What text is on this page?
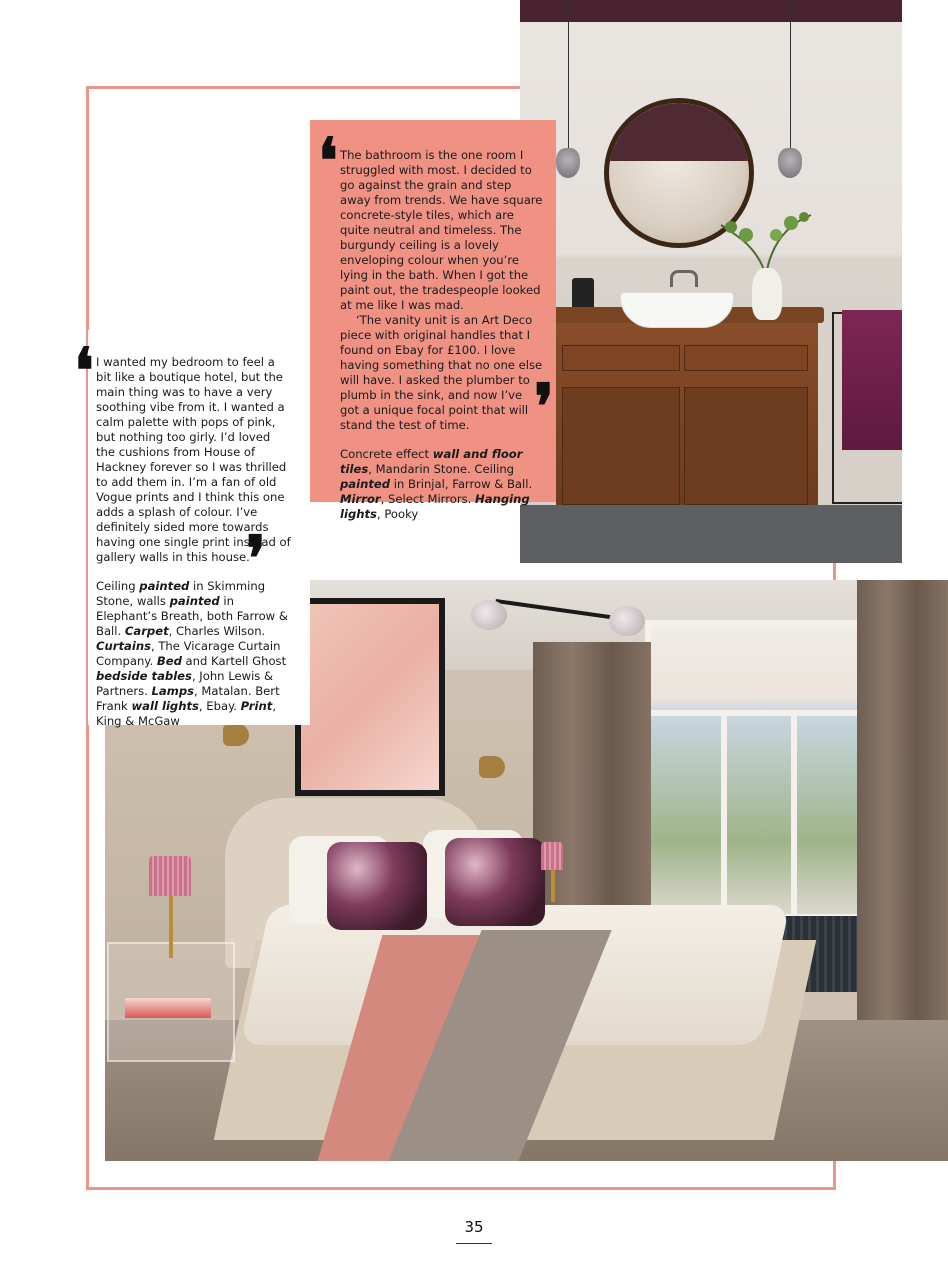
The bathroom is the one room I struggled with most. I decided to go against the grain and step away from trends. We have square concrete-style tiles, which are quite neutral and timeless. The burgundy ceiling is a lovely enveloping colour when you’re lying in the bath. When I got the paint out, the tradespeople looked at me like I was mad.

‘The vanity unit is an Art Deco piece with original handles that I found on Ebay for £100. I love having something that no one else will have. I asked the plumber to plumb in the sink, and now I’ve got a unique focal point that will stand the test of time.

Concrete effect wall and floor tiles, Mandarin Stone. Ceiling painted in Brinjal, Farrow & Ball. Mirror, Select Mirrors. Hanging lights, Pooky

❛
❜

I wanted my bedroom to feel a bit like a boutique hotel, but the main thing was to have a very soothing vibe from it. I wanted a calm palette with pops of pink, but nothing too girly. I’d loved the cushions from House of Hackney forever so I was thrilled to add them in. I’m a fan of old Vogue prints and I think this one adds a splash of colour. I’ve definitely sided more towards having one single print instead of gallery walls in this house.

Ceiling painted in Skimming Stone, walls painted in Elephant’s Breath, both Farrow & Ball. Carpet, Charles Wilson. Curtains, The Vicarage Curtain Company. Bed and Kartell Ghost bedside tables, John Lewis & Partners. Lamps, Matalan. Bert Frank wall lights, Ebay. Print, King & McGaw

❛
❜
35
